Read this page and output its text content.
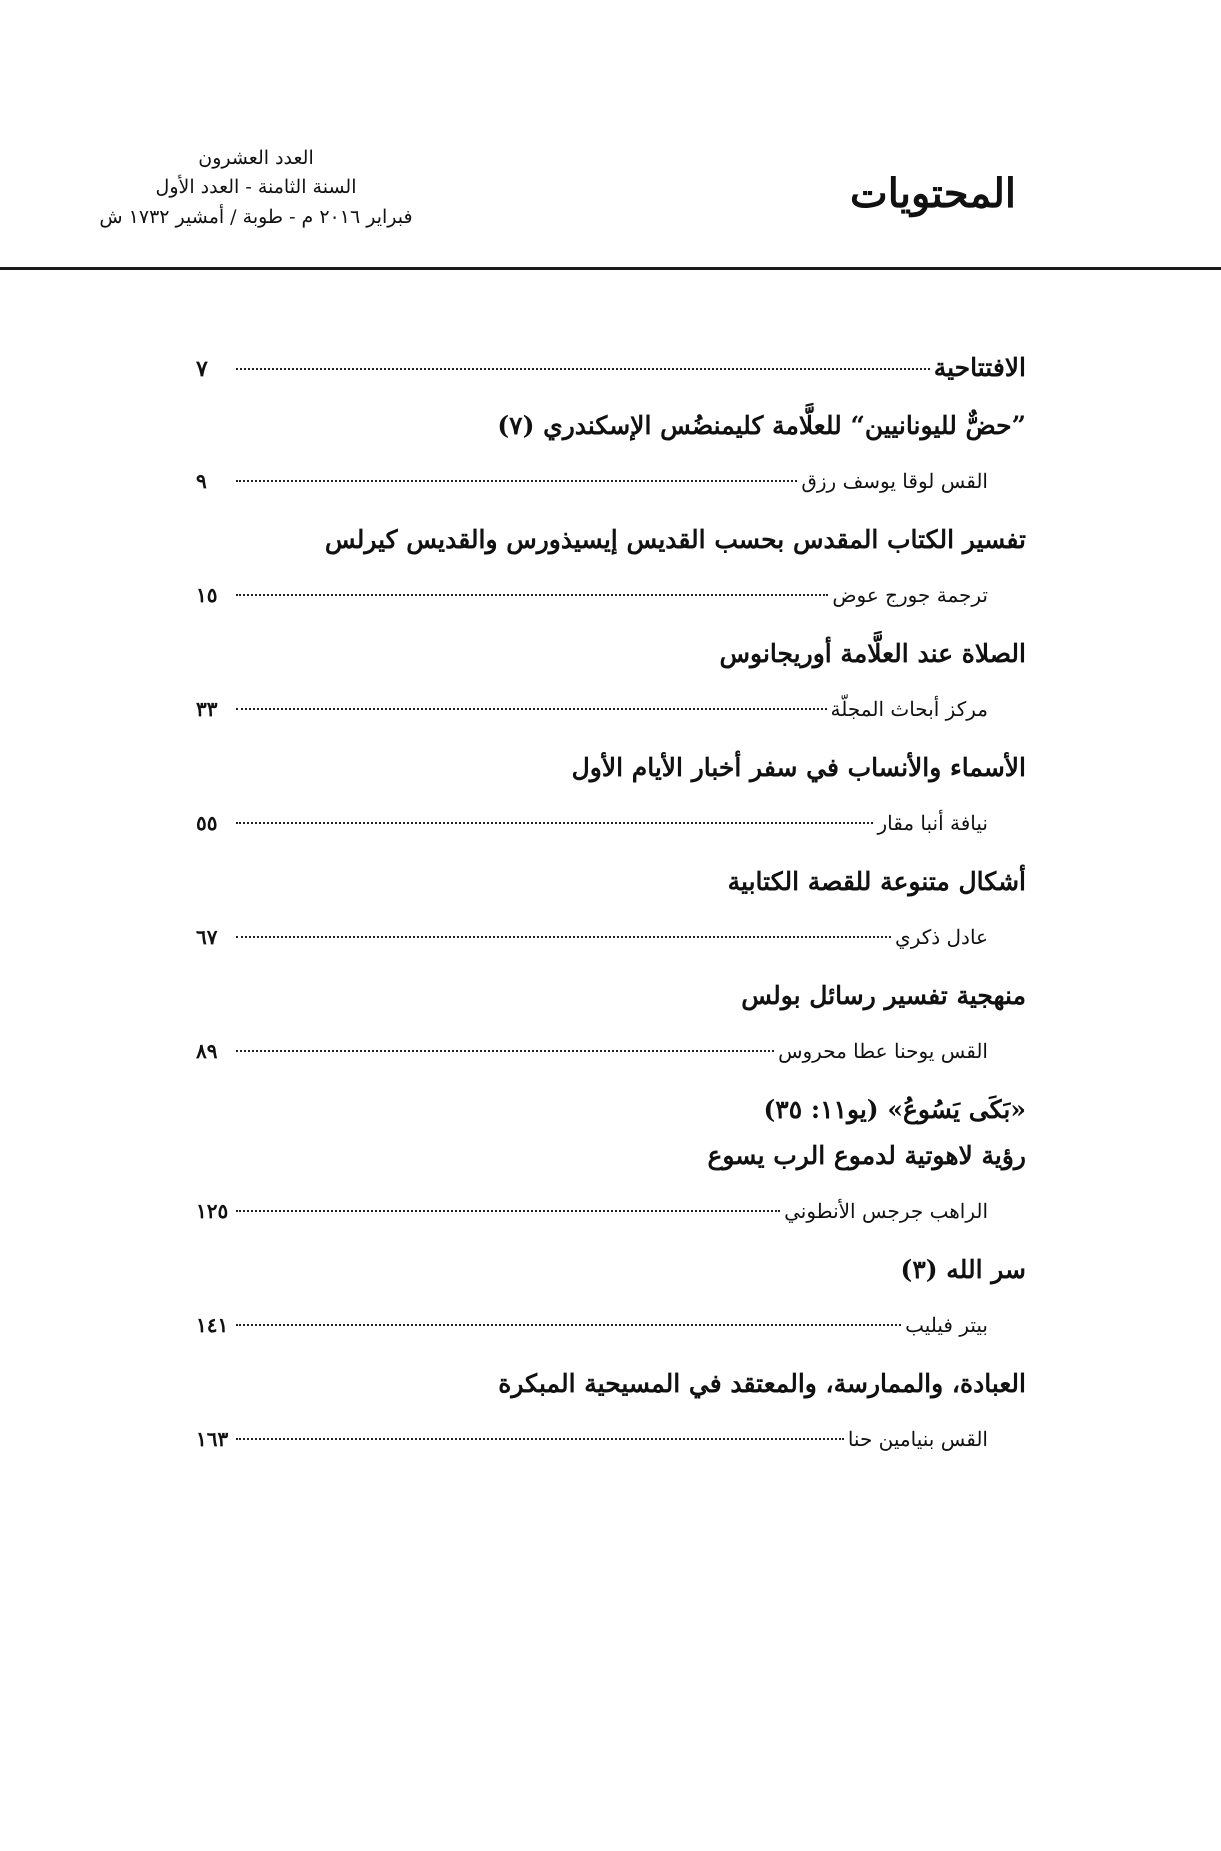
المحتويات
العدد العشرون
السنة الثامنة - العدد الأول
فبراير ٢٠١٦ م - طوبة / أمشير ١٧٣٢ ش
الافتتاحية
٧
”حضٌّ لليونانيين“ للعلَّامة كليمنضُس الإسكندري (٧)
القس لوقا يوسف رزق
٩
تفسير الكتاب المقدس بحسب القديس إيسيذورس والقديس كيرلس
ترجمة جورج عوض
١٥
الصلاة عند العلَّامة أوريجانوس
مركز أبحاث المجلّة
٣٣
الأسماء والأنساب في سفر أخبار الأيام الأول
نيافة أنبا مقار
٥٥
أشكال متنوعة للقصة الكتابية
عادل ذكري
٦٧
منهجية تفسير رسائل بولس
القس يوحنا عطا محروس
٨٩
«بَكَى يَسُوعُ» (يو١١: ٣٥)
رؤية لاهوتية لدموع الرب يسوع
الراهب جرجس الأنطوني
١٢٥
سر الله (٣)
بيتر فيليب
١٤١
العبادة، والممارسة، والمعتقد في المسيحية المبكرة
القس بنيامين حنا
١٦٣
